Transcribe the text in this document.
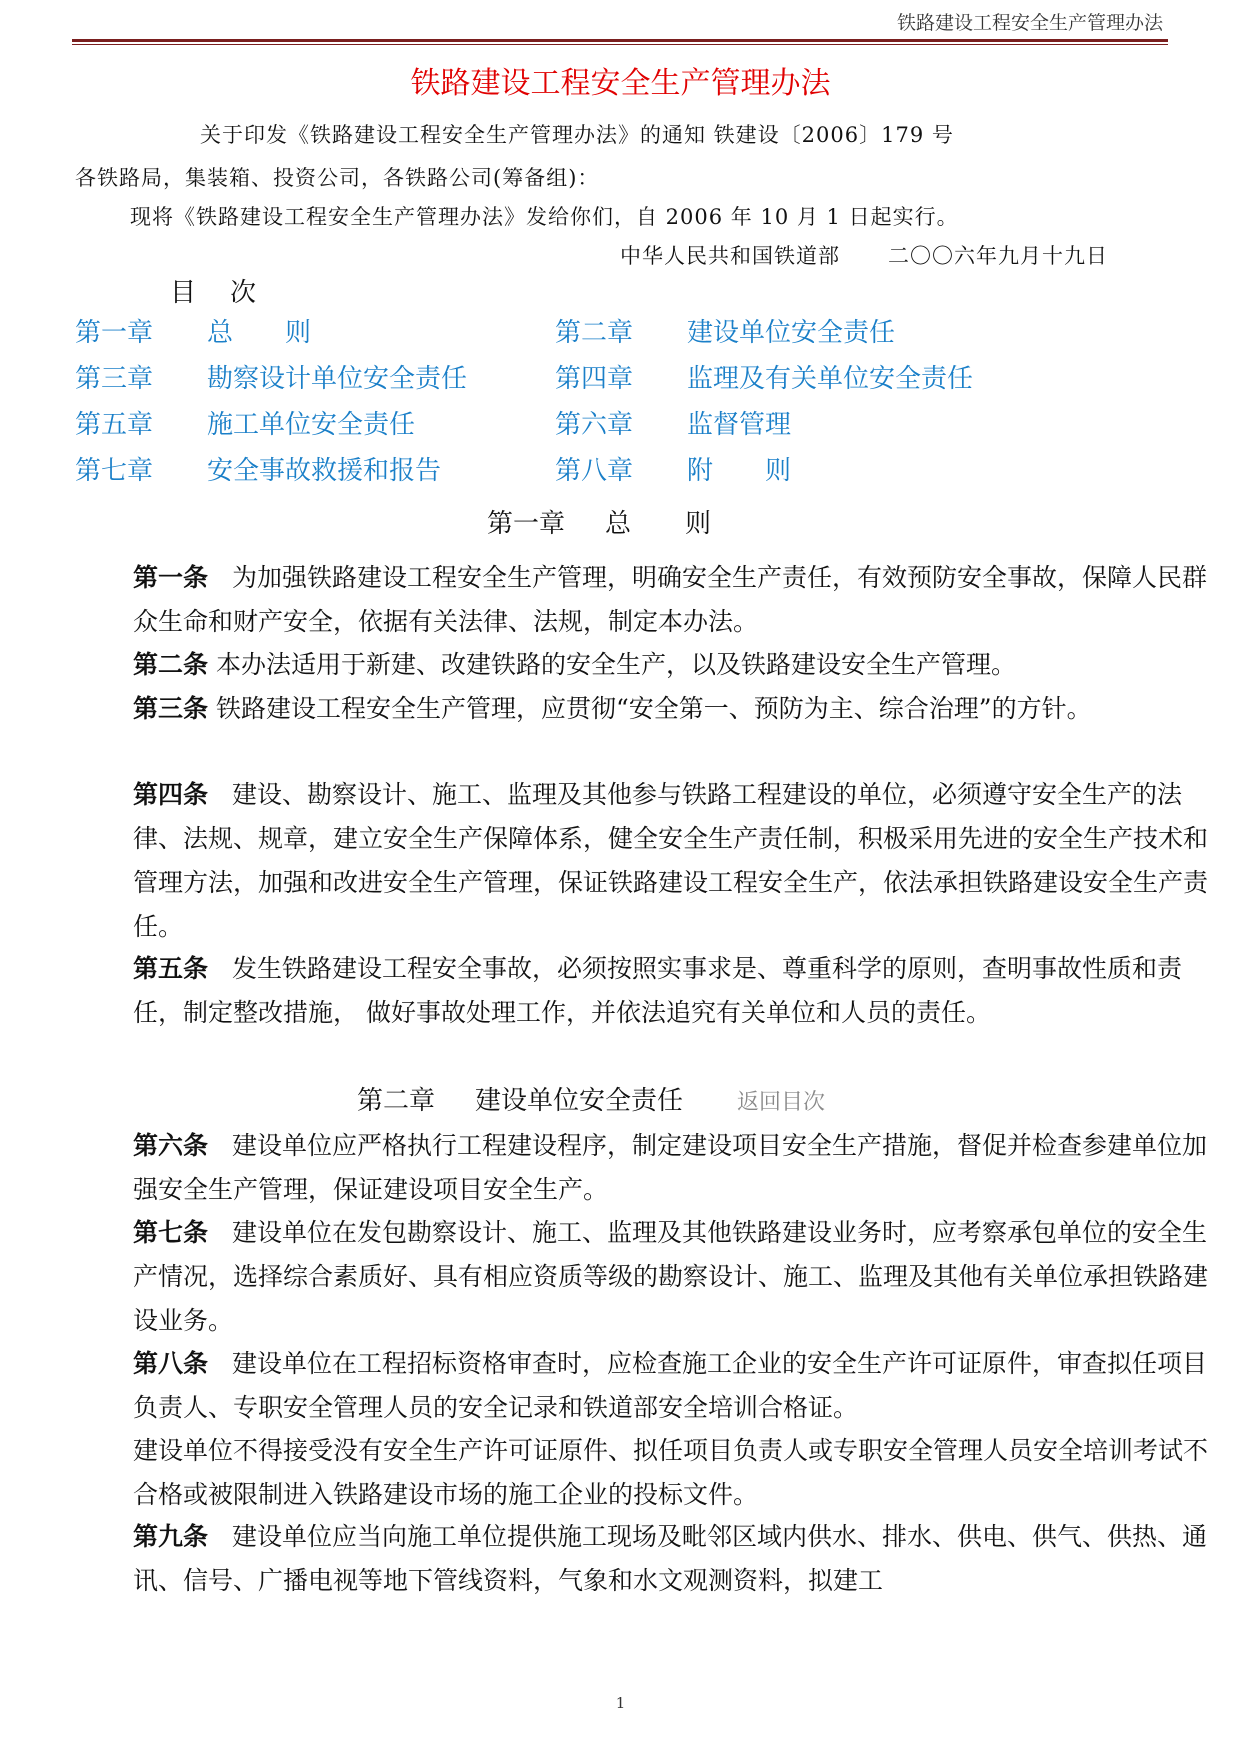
铁路建设工程安全生产管理办法
铁路建设工程安全生产管理办法
关于印发《铁路建设工程安全生产管理办法》的通知 铁建设〔2006〕179 号
各铁路局，集装箱、投资公司，各铁路公司(筹备组)：
现将《铁路建设工程安全生产管理办法》发给你们，自 2006 年 10 月 1 日起实行。
中华人民共和国铁道部 二〇〇六年九月十九日
目次
第一章 总则	第二章 建设单位安全责任
第三章 勘察设计单位安全责任	第四章 监理及有关单位安全责任
第五章 施工单位安全责任	第六章 监督管理
第七章 安全事故救援和报告	第八章 附则
第一章 总则
第一条 为加强铁路建设工程安全生产管理，明确安全生产责任，有效预防安全事故，保障人民群众生命和财产安全，依据有关法律、法规，制定本办法。
第二条 本办法适用于新建、改建铁路的安全生产，以及铁路建设安全生产管理。
第三条 铁路建设工程安全生产管理，应贯彻“安全第一、预防为主、综合治理”的方针。
第四条 建设、勘察设计、施工、监理及其他参与铁路工程建设的单位，必须遵守安全生产的法律、法规、规章，建立安全生产保障体系，健全安全生产责任制，积极采用先进的安全生产技术和管理方法，加强和改进安全生产管理，保证铁路建设工程安全生产，依法承担铁路建设安全生产责任。
第五条 发生铁路建设工程安全事故，必须按照实事求是、尊重科学的原则，查明事故性质和责任，制定整改措施， 做好事故处理工作，并依法追究有关单位和人员的责任。
第二章 建设单位安全责任 返回目次
第六条 建设单位应严格执行工程建设程序，制定建设项目安全生产措施，督促并检查参建单位加强安全生产管理，保证建设项目安全生产。
第七条 建设单位在发包勘察设计、施工、监理及其他铁路建设业务时，应考察承包单位的安全生产情况，选择综合素质好、具有相应资质等级的勘察设计、施工、监理及其他有关单位承担铁路建设业务。
第八条 建设单位在工程招标资格审查时，应检查施工企业的安全生产许可证原件，审查拟任项目负责人、专职安全管理人员的安全记录和铁道部安全培训合格证。
建设单位不得接受没有安全生产许可证原件、拟任项目负责人或专职安全管理人员安全培训考试不合格或被限制进入铁路建设市场的施工企业的投标文件。
第九条 建设单位应当向施工单位提供施工现场及毗邻区域内供水、排水、供电、供气、供热、通讯、信号、广播电视等地下管线资料，气象和水文观测资料，拟建工
1
